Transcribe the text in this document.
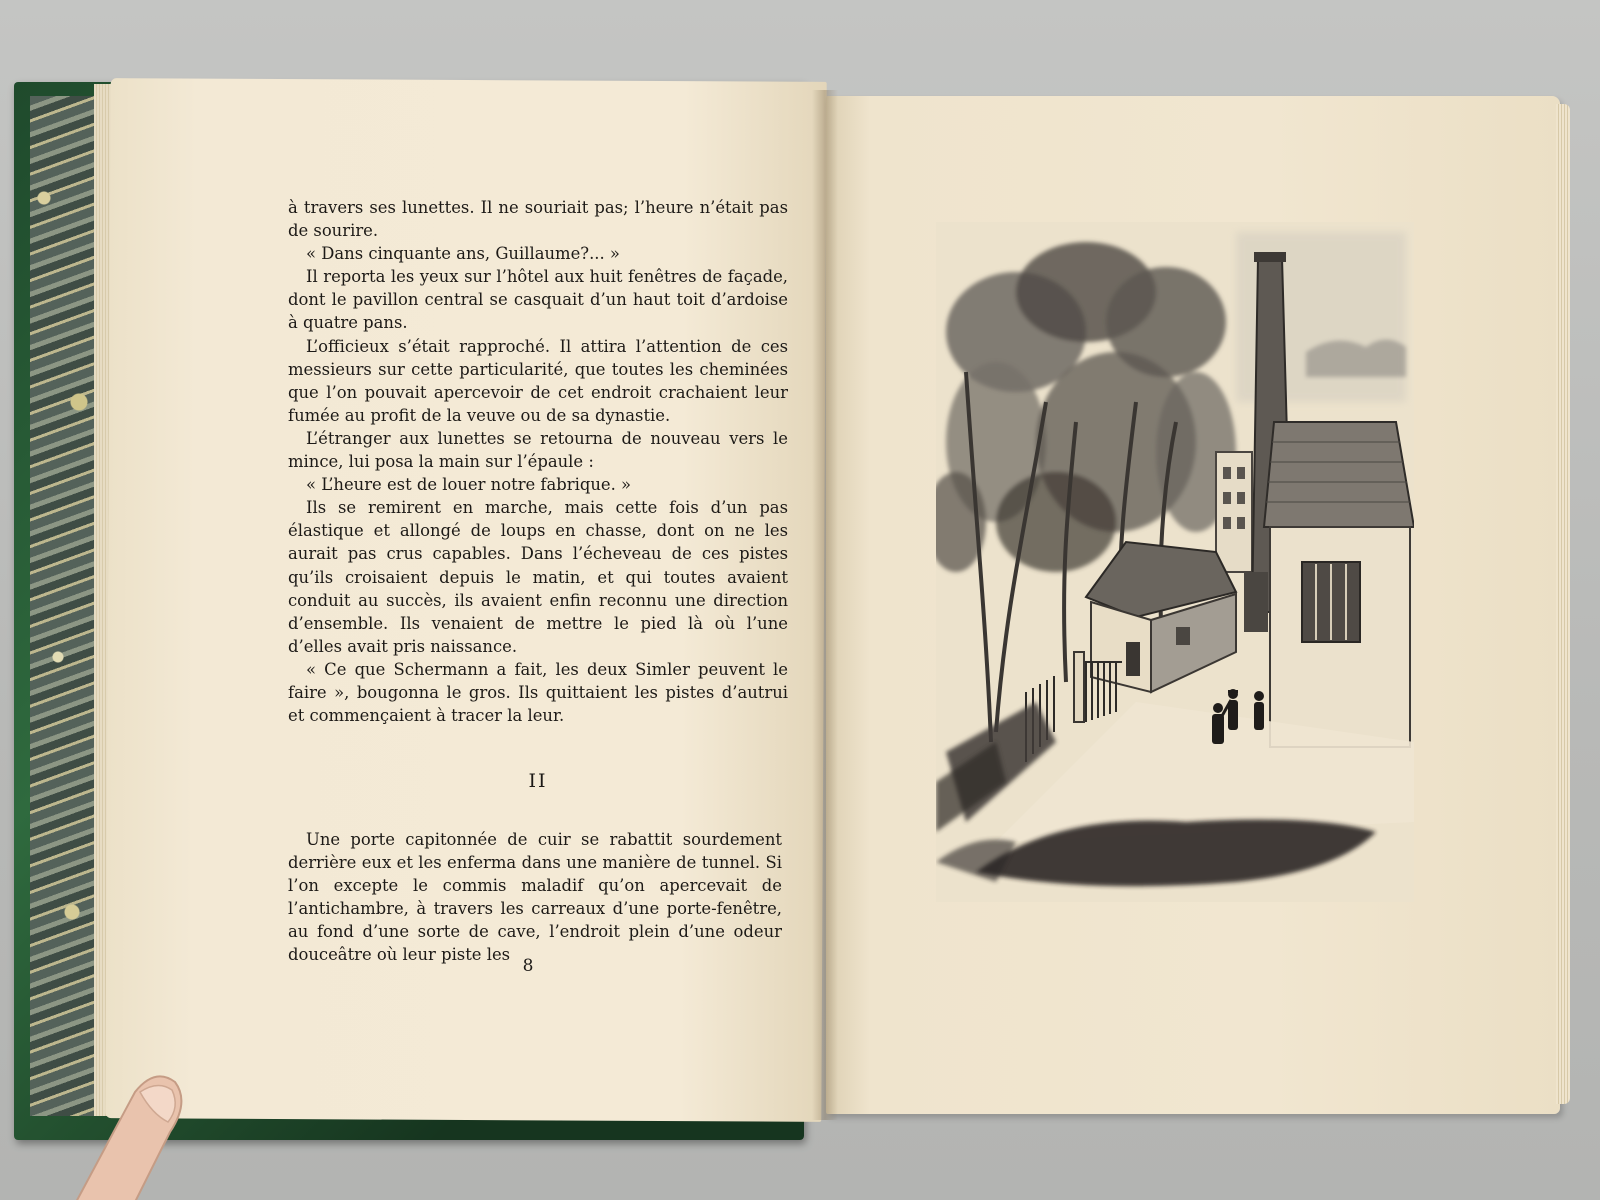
à travers ses lunettes. Il ne souriait pas; l’heure n’était pas de sourire.

« Dans cinquante ans, Guillaume?... »

Il reporta les yeux sur l’hôtel aux huit fenêtres de façade, dont le pavillon central se casquait d’un haut toit d’ardoise à quatre pans.

L’officieux s’était rapproché. Il attira l’attention de ces messieurs sur cette particularité, que toutes les cheminées que l’on pouvait apercevoir de cet endroit crachaient leur fumée au profit de la veuve ou de sa dynastie.

L’étranger aux lunettes se retourna de nouveau vers le mince, lui posa la main sur l’épaule :

« L’heure est de louer notre fabrique. »

Ils se remirent en marche, mais cette fois d’un pas élastique et allongé de loups en chasse, dont on ne les aurait pas crus capables. Dans l’écheveau de ces pistes qu’ils croisaient depuis le matin, et qui toutes avaient conduit au succès, ils avaient enfin reconnu une direction d’ensemble. Ils venaient de mettre le pied là où l’une d’elles avait pris naissance.

« Ce que Schermann a fait, les deux Simler peuvent le faire », bougonna le gros. Ils quittaient les pistes d’autrui et commençaient à tracer la leur.

II

Une porte capitonnée de cuir se rabattit sourdement derrière eux et les enferma dans une manière de tunnel. Si l’on excepte le commis maladif qu’on apercevait de l’antichambre, à travers les carreaux d’une porte-fenêtre, au fond d’une sorte de cave, l’endroit plein d’une odeur douceâtre où leur piste les

8
